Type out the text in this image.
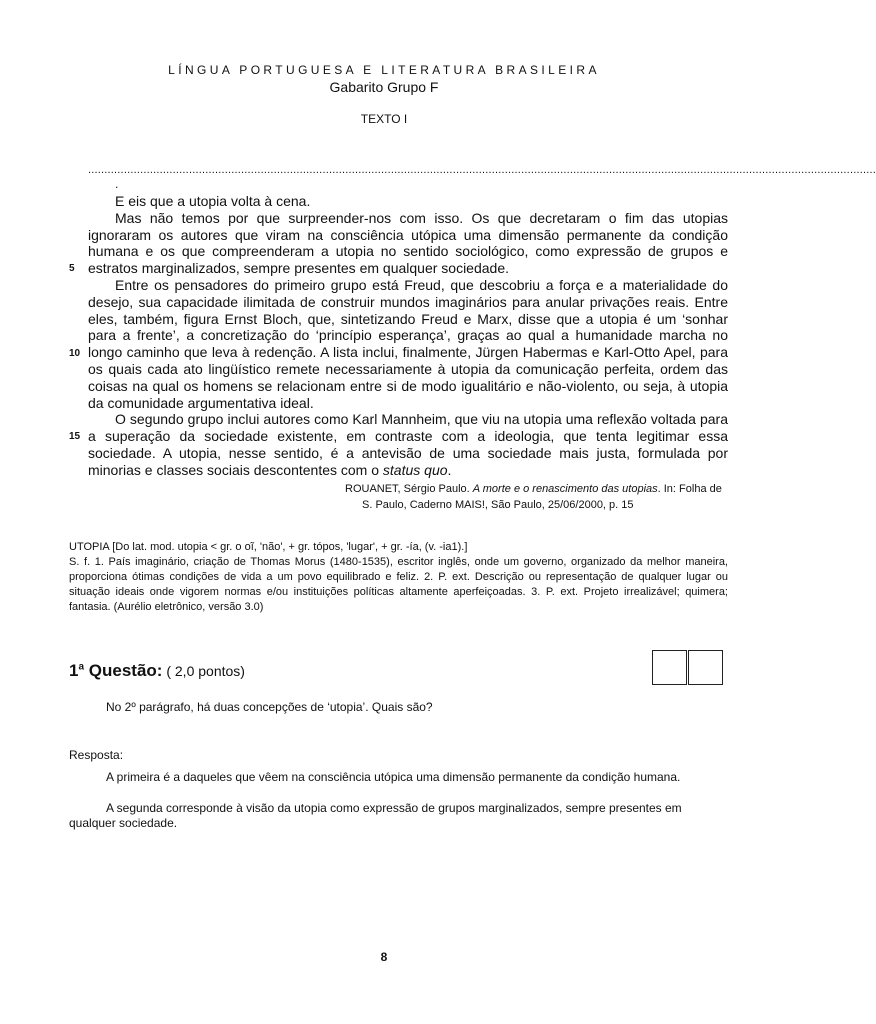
LÍNGUA PORTUGUESA E LITERATURA BRASILEIRA
Gabarito Grupo F
TEXTO I
..................................................................................................................................................................................................................................................
.

E eis que a utopia volta à cena.

Mas não temos por que surpreender-nos com isso. Os que decretaram o fim das utopias ignoraram os autores que viram na consciência utópica uma dimensão permanente da condição humana e os que compreenderam a utopia no sentido sociológico, como expressão de grupos e estratos marginalizados, sempre presentes em qualquer sociedade.

Entre os pensadores do primeiro grupo está Freud, que descobriu a força e a materialidade do desejo, sua capacidade ilimitada de construir mundos imaginários para anular privações reais. Entre eles, também, figura Ernst Bloch, que, sintetizando Freud e Marx, disse que a utopia é um ‘sonhar para a frente’, a concretização do ‘princípio esperança’, graças ao qual a humanidade marcha no longo caminho que leva à redenção. A lista inclui, finalmente, Jürgen Habermas e Karl-Otto Apel, para os quais cada ato lingüístico remete necessariamente à utopia da comunicação perfeita, ordem das coisas na qual os homens se relacionam entre si de modo igualitário e não-violento, ou seja, à utopia da comunidade argumentativa ideal.

O segundo grupo inclui autores como Karl Mannheim, que viu na utopia uma reflexão voltada para a superação da sociedade existente, em contraste com a ideologia, que tenta legitimar essa sociedade. A utopia, nesse sentido, é a antevisão de uma sociedade mais justa, formulada por minorias e classes sociais descontentes com o status quo.

5
10
15
ROUANET, Sérgio Paulo. A morte e o renascimento das utopias. In: Folha de
S. Paulo, Caderno MAIS!, São Paulo, 25/06/2000, p. 15
UTOPIA [Do lat. mod. utopia < gr. o oĩ, 'não', + gr. tópos, 'lugar', + gr. -ía, (v. -ia1).]
S. f. 1. País imaginário, criação de Thomas Morus (1480-1535), escritor inglês, onde um governo, organizado da melhor maneira, proporciona ótimas condições de vida a um povo equilibrado e feliz. 2. P. ext. Descrição ou representação de qualquer lugar ou situação ideais onde vigorem normas e/ou instituições políticas altamente aperfeiçoadas. 3. P. ext. Projeto irrealizável; quimera; fantasia. (Aurélio eletrônico, versão 3.0)
1$^a$ Questão: ( 2,0 pontos)
No 2º parágrafo, há duas concepções de ‘utopia’. Quais são?
Resposta:
A primeira é a daqueles que vêem na consciência utópica uma dimensão permanente da condição humana.
A segunda corresponde à visão da utopia como expressão de grupos marginalizados, sempre presentes em
qualquer sociedade.
8
